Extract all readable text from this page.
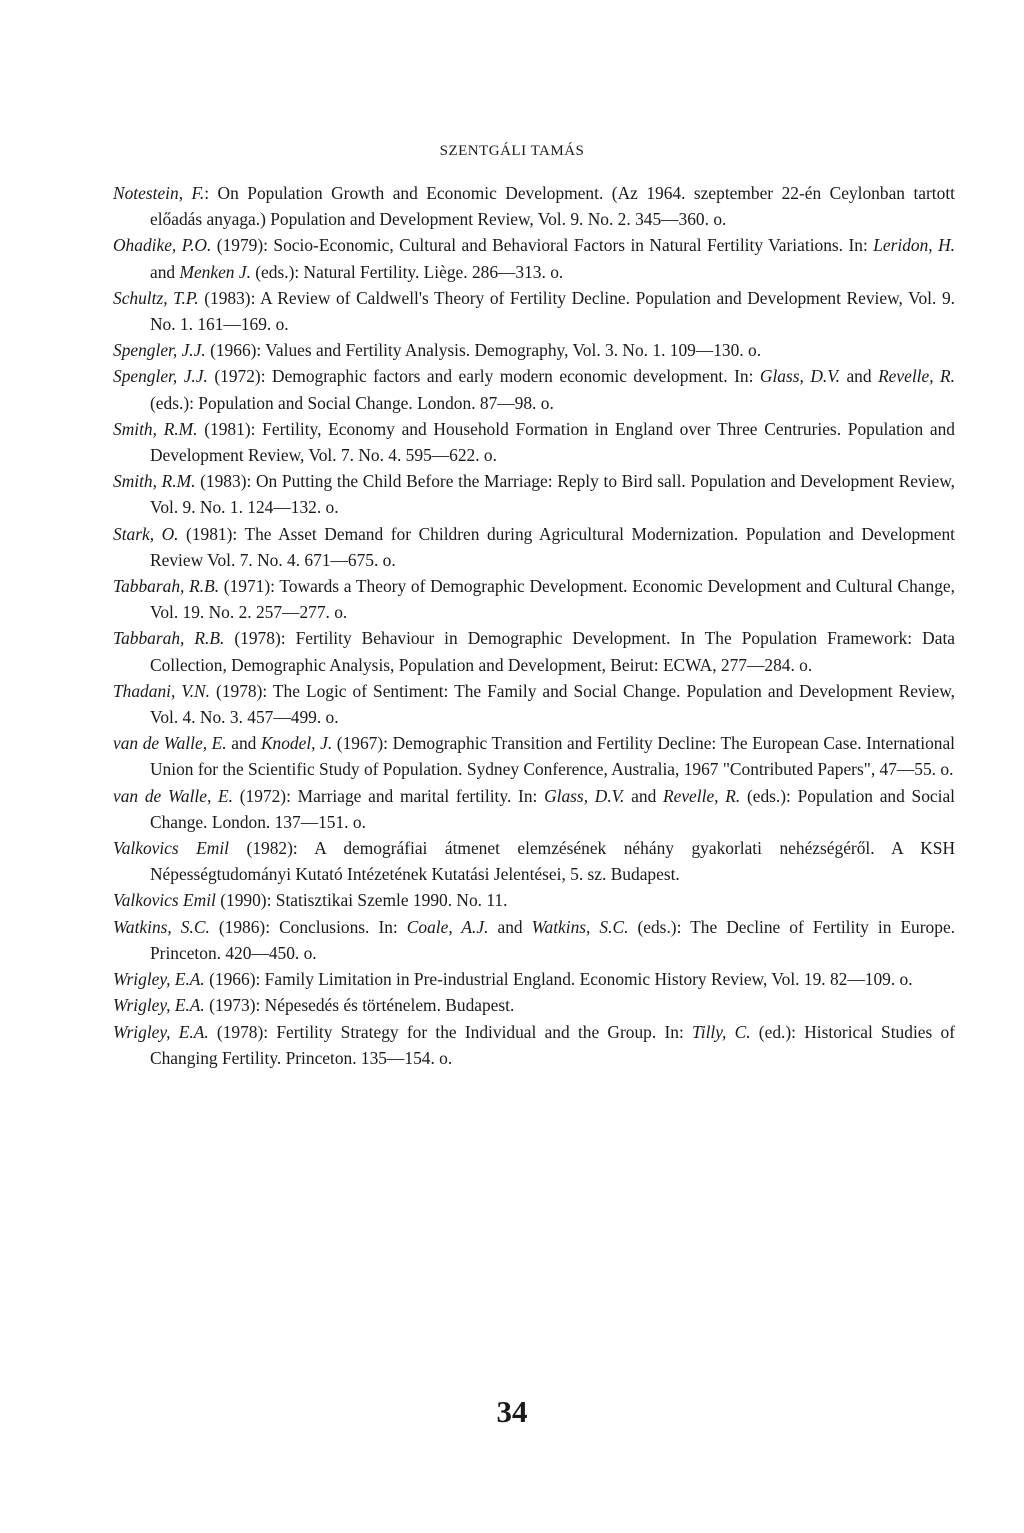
SZENTGÁLI TAMÁS

Notestein, F.: On Population Growth and Economic Development. (Az 1964. szeptember 22-én Ceylonban tartott előadás anyaga.) Population and Development Review, Vol. 9. No. 2. 345—360. o.

Ohadike, P.O. (1979): Socio-Economic, Cultural and Behavioral Factors in Natural Fertility Variations. In: Leridon, H. and Menken J. (eds.): Natural Fertility. Liège. 286—313. o.

Schultz, T.P. (1983): A Review of Caldwell's Theory of Fertility Decline. Population and Development Review, Vol. 9. No. 1. 161—169. o.

Spengler, J.J. (1966): Values and Fertility Analysis. Demography, Vol. 3. No. 1. 109—130. o.

Spengler, J.J. (1972): Demographic factors and early modern economic development. In: Glass, D.V. and Revelle, R. (eds.): Population and Social Change. London. 87—98. o.

Smith, R.M. (1981): Fertility, Economy and Household Formation in England over Three Centruries. Population and Development Review, Vol. 7. No. 4. 595—622. o.

Smith, R.M. (1983): On Putting the Child Before the Marriage: Reply to Bird sall. Population and Development Review, Vol. 9. No. 1. 124—132. o.

Stark, O. (1981): The Asset Demand for Children during Agricultural Modernization. Population and Development Review Vol. 7. No. 4. 671—675. o.

Tabbarah, R.B. (1971): Towards a Theory of Demographic Development. Economic Development and Cultural Change, Vol. 19. No. 2. 257—277. o.

Tabbarah, R.B. (1978): Fertility Behaviour in Demographic Development. In The Population Framework: Data Collection, Demographic Analysis, Population and Development, Beirut: ECWA, 277—284. o.

Thadani, V.N. (1978): The Logic of Sentiment: The Family and Social Change. Population and Development Review, Vol. 4. No. 3. 457—499. o.

van de Walle, E. and Knodel, J. (1967): Demographic Transition and Fertility Decline: The European Case. International Union for the Scientific Study of Population. Sydney Conference, Australia, 1967 "Contributed Papers", 47—55. o.

van de Walle, E. (1972): Marriage and marital fertility. In: Glass, D.V. and Revelle, R. (eds.): Population and Social Change. London. 137—151. o.

Valkovics Emil (1982): A demográfiai átmenet elemzésének néhány gyakorlati nehézségéről. A KSH Népességtudományi Kutató Intézetének Kutatási Jelentései, 5. sz. Budapest.

Valkovics Emil (1990): Statisztikai Szemle 1990. No. 11.

Watkins, S.C. (1986): Conclusions. In: Coale, A.J. and Watkins, S.C. (eds.): The Decline of Fertility in Europe. Princeton. 420—450. o.

Wrigley, E.A. (1966): Family Limitation in Pre-industrial England. Economic History Review, Vol. 19. 82—109. o.

Wrigley, E.A. (1973): Népesedés és történelem. Budapest.

Wrigley, E.A. (1978): Fertility Strategy for the Individual and the Group. In: Tilly, C. (ed.): Historical Studies of Changing Fertility. Princeton. 135—154. o.

34
